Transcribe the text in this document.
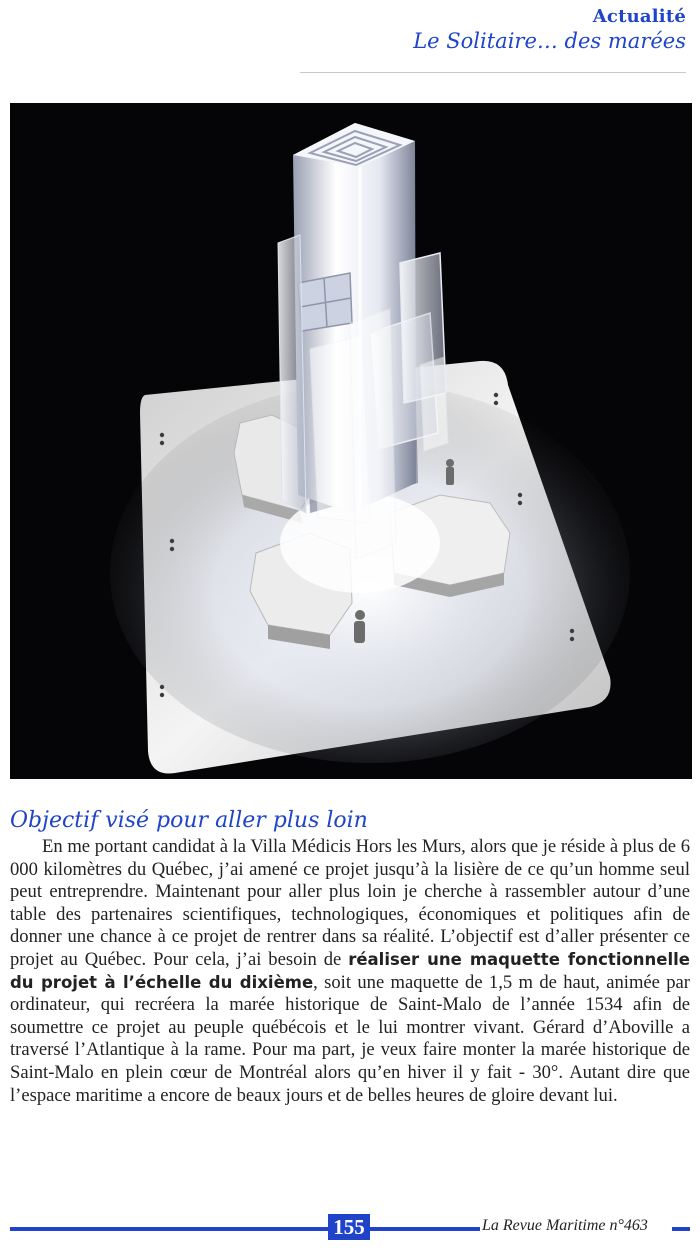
Actualité
Le Solitaire… des marées
Objectif visé pour aller plus loin

En me portant candidat à la Villa Médicis Hors les Murs, alors que je réside à plus de 6 000 kilomètres du Québec, j’ai amené ce projet jusqu’à la lisière de ce qu’un homme seul peut entreprendre. Maintenant pour aller plus loin je cherche à rassembler autour d’une table des partenaires scientifiques, technologiques, économiques et politiques afin de donner une chance à ce projet de rentrer dans sa réalité. L’objectif est d’aller présenter ce projet au Québec. Pour cela, j’ai besoin de réaliser une maquette fonctionnelle du projet à l’échelle du dixième, soit une maquette de 1,5 m de haut, animée par ordinateur, qui recréera la marée historique de Saint-Malo de l’année 1534 afin de soumettre ce projet au peuple québécois et le lui montrer vivant. Gérard d’Aboville a traversé l’Atlantique à la rame. Pour ma part, je veux faire monter la marée historique de Saint-Malo en plein cœur de Montréal alors qu’en hiver il y fait - 30°. Autant dire que l’espace maritime a encore de beaux jours et de belles heures de gloire devant lui.

155	La Revue Maritime n°463
